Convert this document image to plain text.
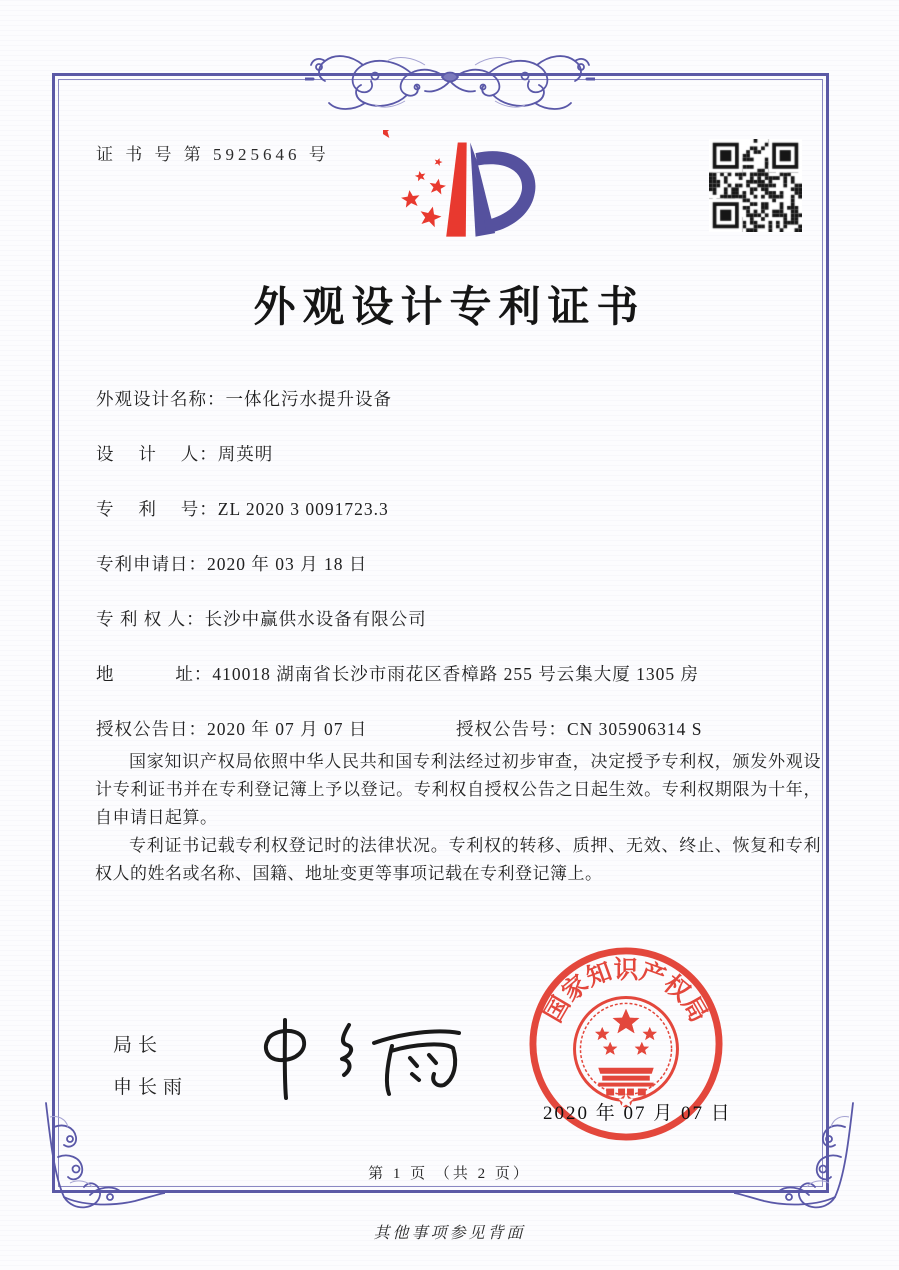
证 书 号 第 5925646 号
外观设计专利证书
外观设计名称：一体化污水提升设备
设　 计　 人：周英明
专　 利　 号：ZL 2020 3 0091723.3
专利申请日：2020 年 03 月 18 日
专 利 权 人：长沙中赢供水设备有限公司
地　　　 址：410018 湖南省长沙市雨花区香樟路 255 号云集大厦 1305 房
授权公告日：2020 年 07 月 07 日	授权公告号：CN 305906314 S

国家知识产权局依照中华人民共和国专利法经过初步审查，决定授予专利权，颁发外观设计专利证书并在专利登记簿上予以登记。专利权自授权公告之日起生效。专利权期限为十年，自申请日起算。

专利证书记载专利权登记时的法律状况。专利权的转移、质押、无效、终止、恢复和专利权人的姓名或名称、国籍、地址变更等事项记载在专利登记簿上。

局长
申长雨
国家知识产权局
2020 年 07 月 07 日
第 1 页 （共 2 页）
其他事项参见背面
